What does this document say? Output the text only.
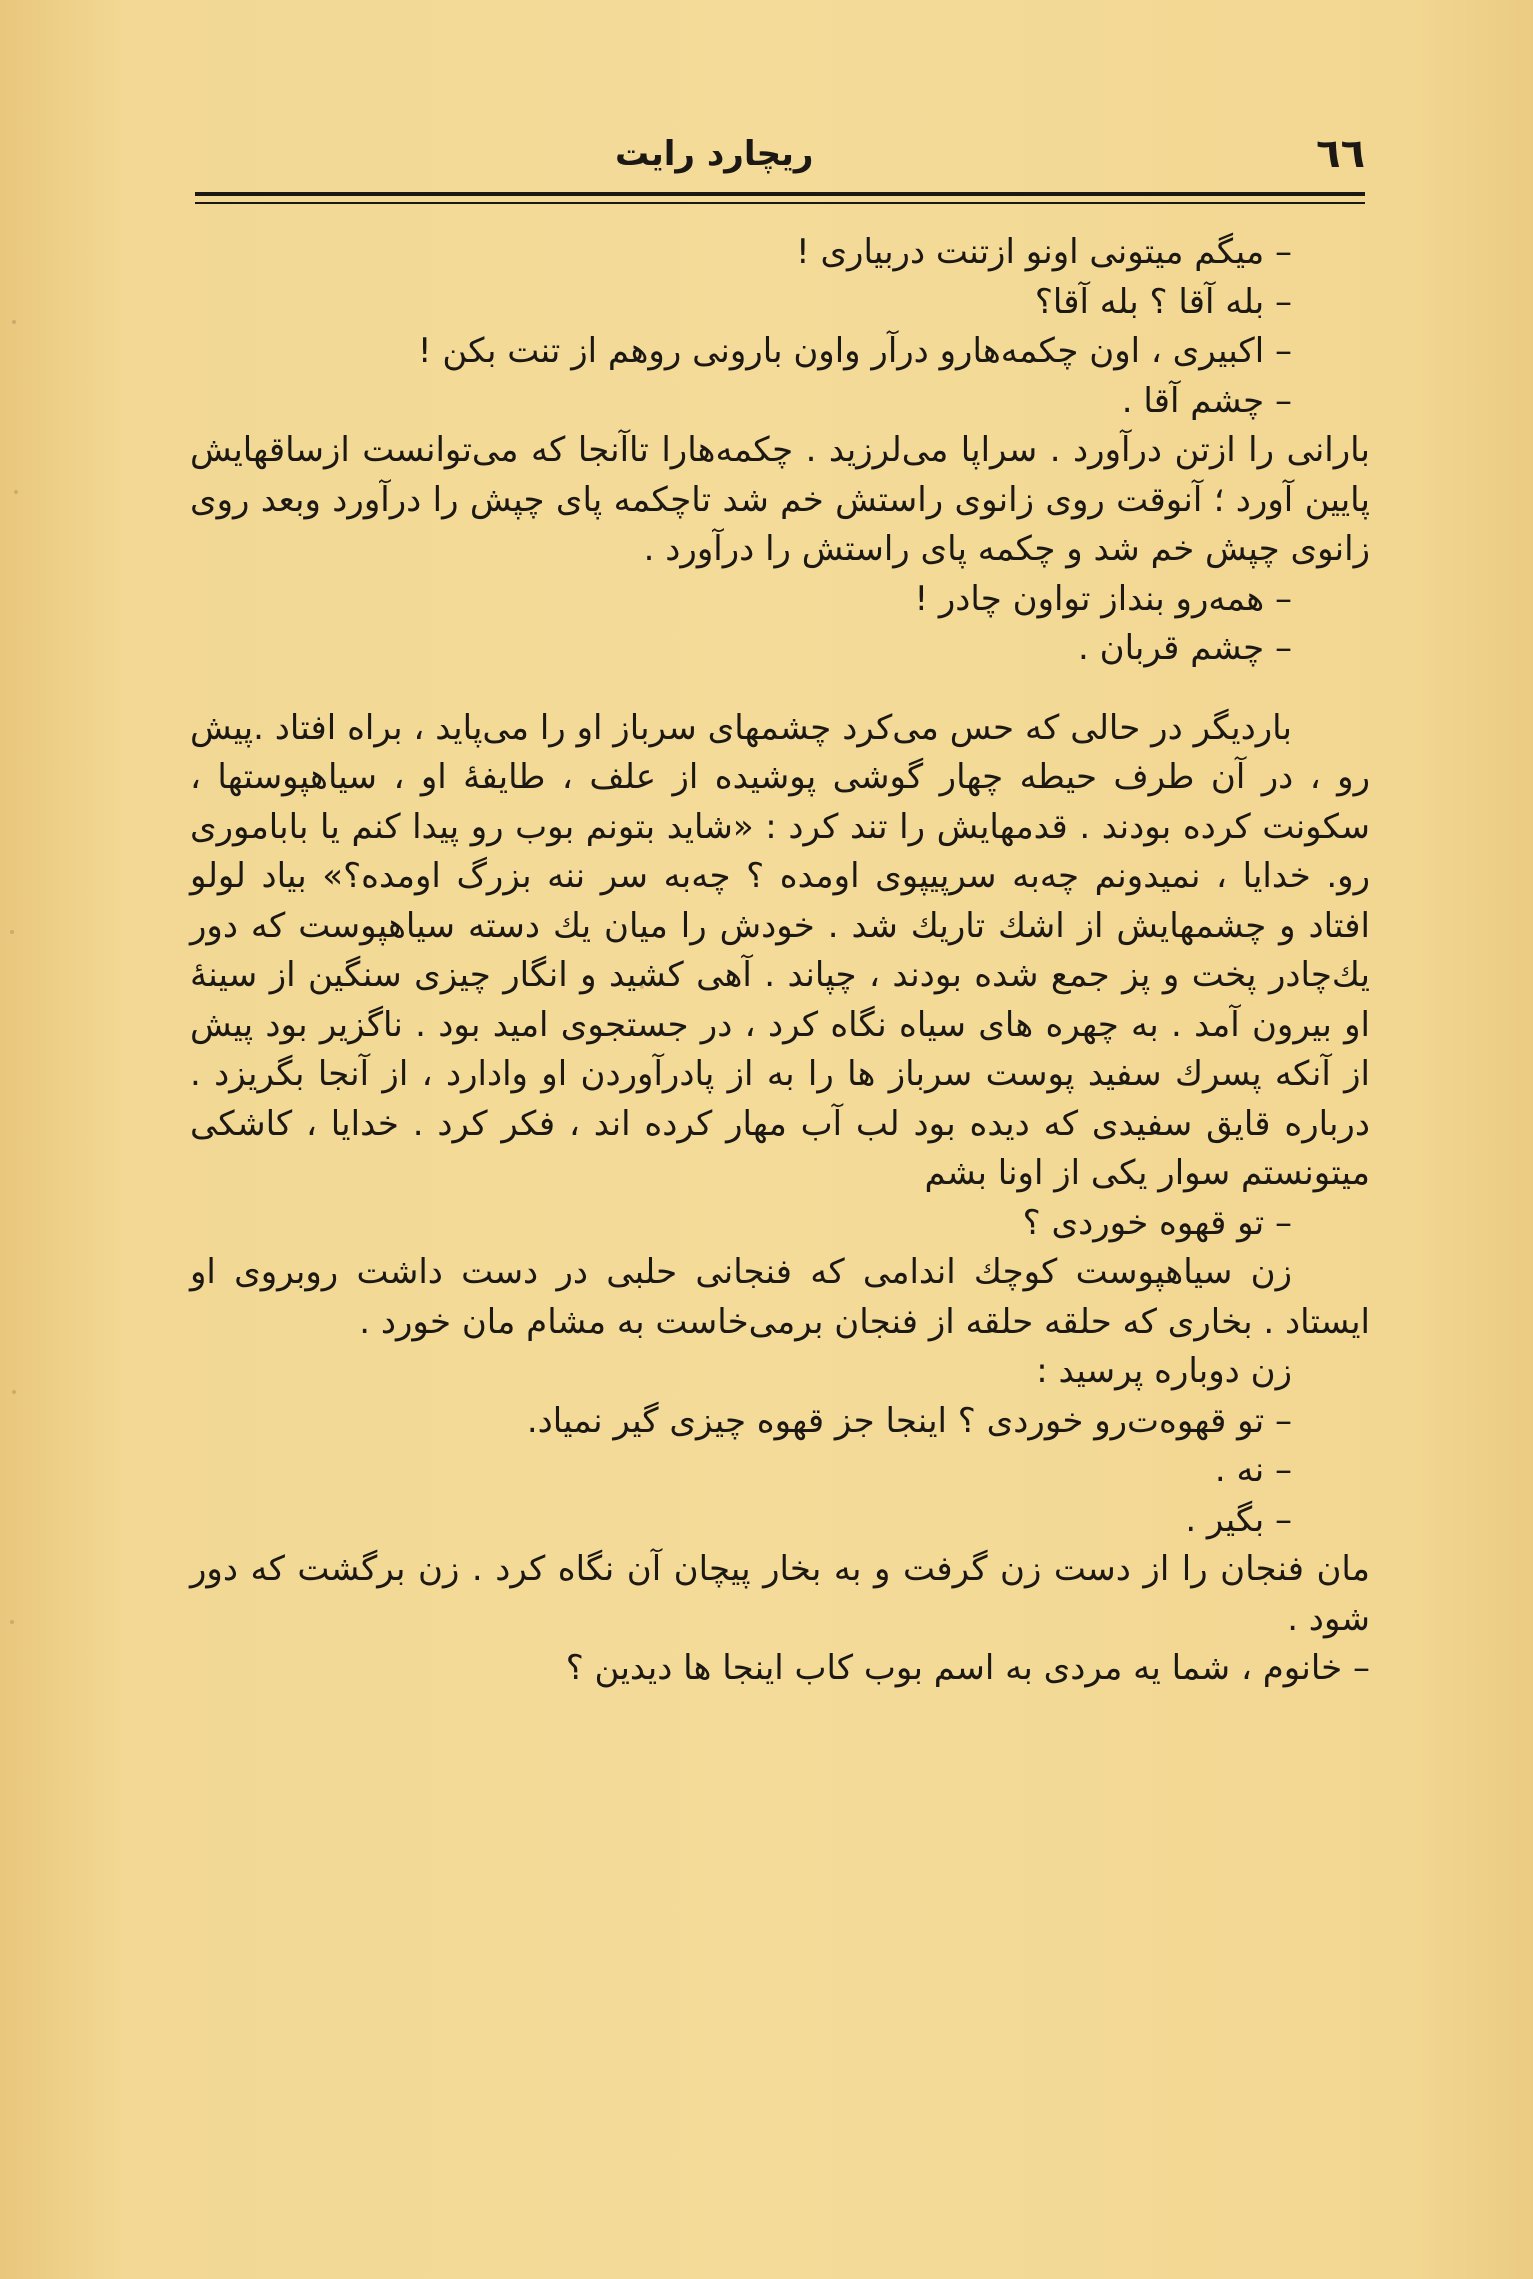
٦٦
ریچارد رایت

– میگم میتونی اونو ازتنت دربیاری !

– بله آقا ؟ بله آقا؟

– اکبیری ، اون چکمه‌هارو درآر واون بارونی روهم از تنت بکن !

– چشم آقا .

بارانی را ازتن درآورد . سراپا می‌لرزید . چکمه‌هارا تاآنجا که می‌توانست ازساقهایش پایین آورد ؛ آنوقت روی زانوی راستش خم شد تاچکمه پای چپش را درآورد وبعد روی زانوی چپش خم شد و چکمه پای راستش را درآورد .

– همه‌رو بنداز تواون چادر !

– چشم قربان .

باردیگر در حالی که حس می‌کرد چشمهای سرباز او را می‌پاید ، براه افتاد .پیش رو ، در آن طرف حیطه چهار گوشی پوشیده از علف ، طایفهٔ او ، سیاهپوستها ، سکونت کرده بودند . قدمهایش را تند کرد : «شاید بتونم بوب رو پیدا کنم یا باباموری رو. خدایا ، نمیدونم چه‌به سرپیپوی اومده ؟ چه‌به سر ننه بزرگ اومده؟» بیاد لولو افتاد و چشمهایش از اشك تاریك شد . خودش را میان يك دسته سیاهپوست که دور یك‌چادر پخت و پز جمع شده بودند ، چپاند . آهی کشید و انگار چیزی سنگین از سینهٔ او بیرون آمد . به چهره های سیاه نگاه کرد ، در جستجوی امید بود . ناگزیر بود پیش از آنکه پسرك سفید پوست سرباز ها را به از پادرآوردن او وادارد ، از آنجا بگریزد . درباره قایق سفیدی که دیده بود لب آب مهار کرده اند ، فکر کرد . خدایا ، کاشکی میتونستم سوار یکی از اونا بشم

– تو قهوه خوردی ؟

زن سیاهپوست کوچك اندامی که فنجانی حلبی در دست داشت روبروی او ایستاد . بخاری که حلقه حلقه از فنجان برمی‌خاست به مشام مان خورد .

زن دوباره پرسید :

– تو قهوه‌ت‌رو خوردی ؟ اینجا جز قهوه چیزی گیر نمیاد.

– نه .

– بگیر .

مان فنجان را از دست زن گرفت و به بخار پیچان آن نگاه کرد . زن برگشت که دور شود .

– خانوم ، شما یه مردی به اسم بوب كاب اینجا ها دیدین ؟
